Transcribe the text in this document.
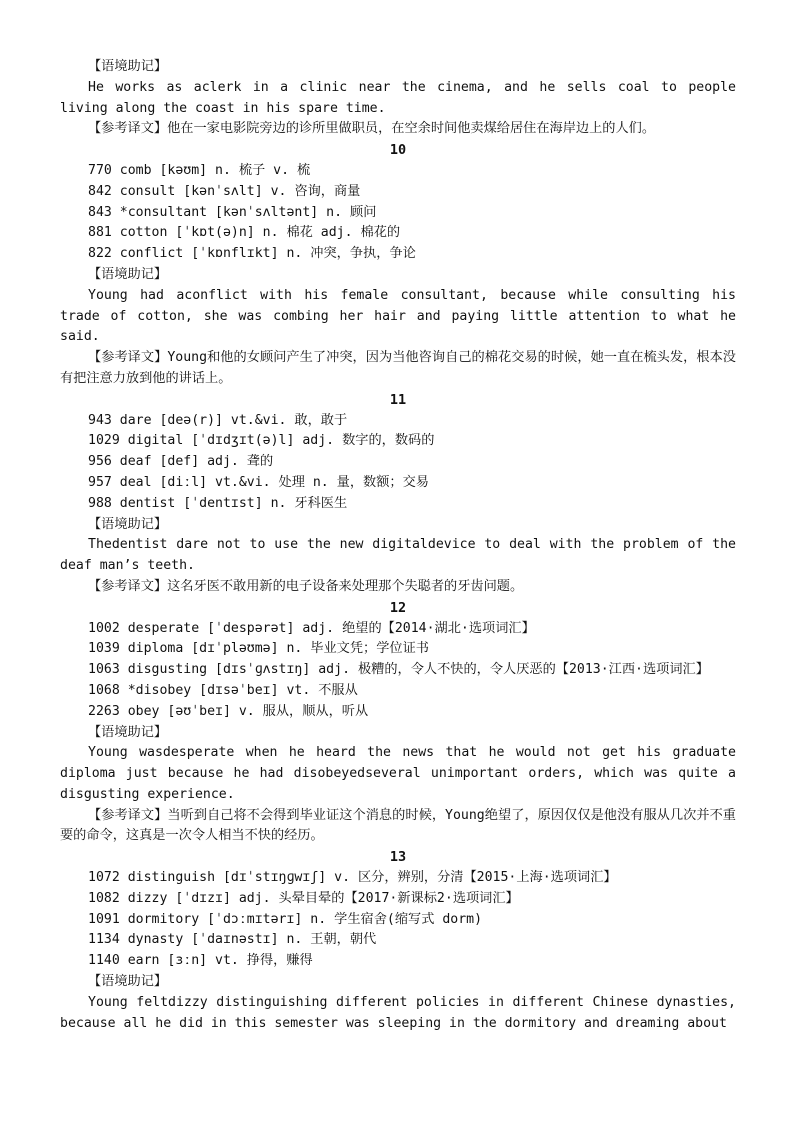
【语境助记】
He works as aclerk in a clinic near the cinema, and he sells coal to people living along the coast in his spare time.
【参考译文】他在一家电影院旁边的诊所里做职员，在空余时间他卖煤给居住在海岸边上的人们。
10
770 comb [kəʊm] n. 梳子 v. 梳
842 consult [kənˈsʌlt] v. 咨询，商量
843 *consultant [kənˈsʌltənt] n. 顾问
881 cotton [ˈkɒt(ə)n] n. 棉花 adj. 棉花的
822 conflict [ˈkɒnflɪkt] n. 冲突，争执，争论
【语境助记】
Young had aconflict with his female consultant, because while consulting his trade of cotton, she was combing her hair and paying little attention to what he said.
【参考译文】Young和他的女顾问产生了冲突，因为当他咨询自己的棉花交易的时候，她一直在梳头发，根本没有把注意力放到他的讲话上。
11
943 dare [deə(r)] vt.&vi. 敢，敢于
1029 digital [ˈdɪdʒɪt(ə)l] adj. 数字的，数码的
956 deaf [def] adj. 聋的
957 deal [diːl] vt.&vi. 处理 n. 量，数额；交易
988 dentist [ˈdentɪst] n. 牙科医生
【语境助记】
Thedentist dare not to use the new digitaldevice to deal with the problem of the deaf man’s teeth.
【参考译文】这名牙医不敢用新的电子设备来处理那个失聪者的牙齿问题。
12
1002 desperate [ˈdespərət] adj. 绝望的【2014·湖北·选项词汇】
1039 diploma [dɪˈpləʊmə] n. 毕业文凭；学位证书
1063 disgusting [dɪsˈɡʌstɪŋ] adj. 极糟的，令人不快的，令人厌恶的【2013·江西·选项词汇】
1068 *disobey [dɪsəˈbeɪ] vt. 不服从
2263 obey [əʊˈbeɪ] v. 服从，顺从，听从
【语境助记】
Young wasdesperate when he heard the news that he would not get his graduate diploma just because he had disobeyedseveral unimportant orders, which was quite a disgusting experience.
【参考译文】当听到自己将不会得到毕业证这个消息的时候，Young绝望了，原因仅仅是他没有服从几次并不重要的命令，这真是一次令人相当不快的经历。
13
1072 distinguish [dɪˈstɪŋɡwɪʃ] v. 区分，辨别，分清【2015·上海·选项词汇】
1082 dizzy [ˈdɪzɪ] adj. 头晕目晕的【2017·新课标2·选项词汇】
1091 dormitory [ˈdɔːmɪtərɪ] n. 学生宿舍(缩写式 dorm)
1134 dynasty [ˈdaɪnəstɪ] n. 王朝，朝代
1140 earn [ɜːn] vt. 挣得，赚得
【语境助记】
Young feltdizzy distinguishing different policies in different Chinese dynasties, because all he did in this semester was sleeping in the dormitory and dreaming about
